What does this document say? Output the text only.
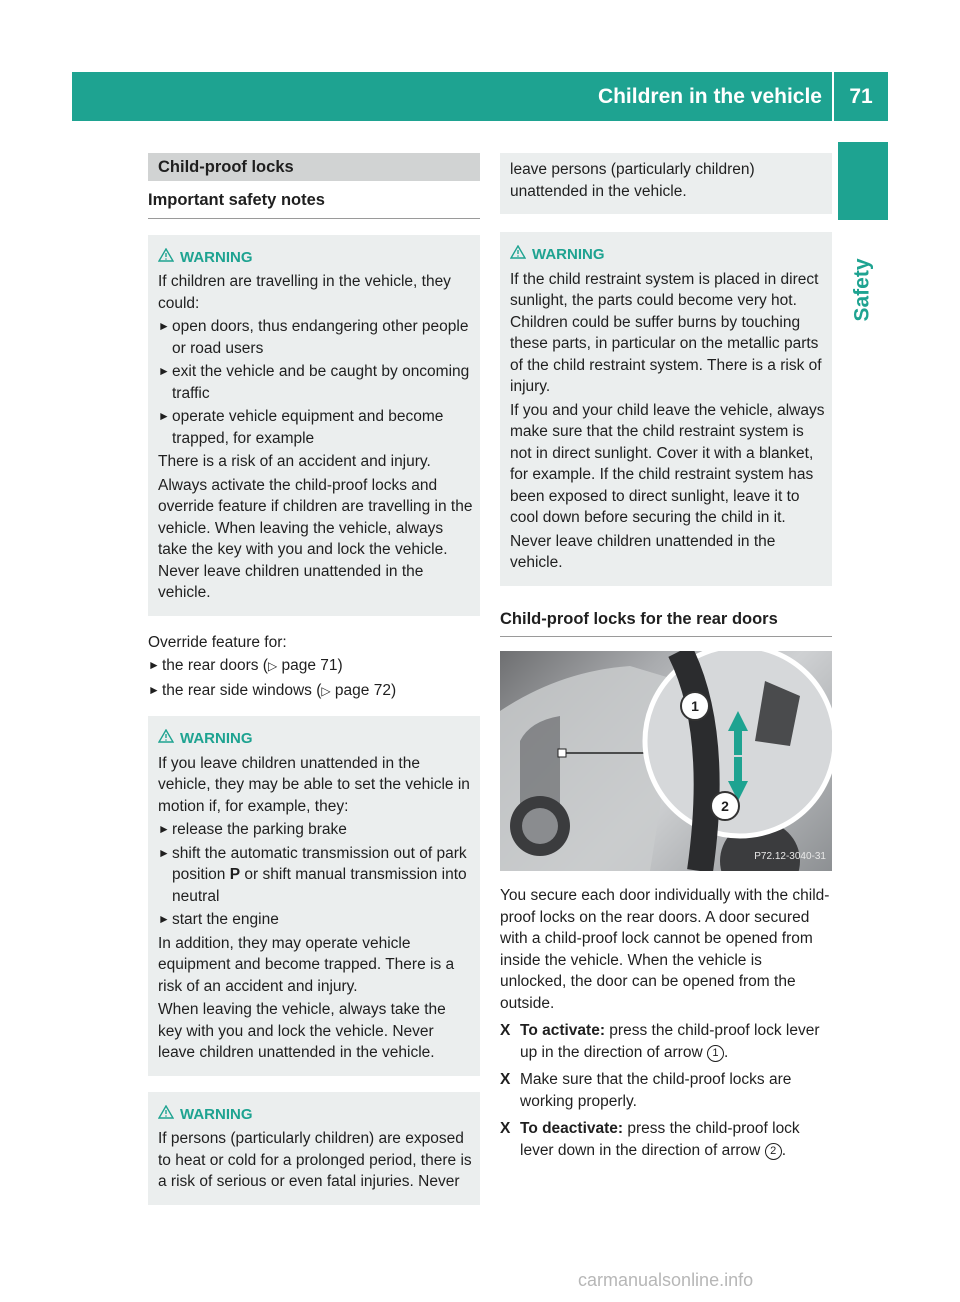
Children in the vehicle	71
Safety
Child-proof locks
Important safety notes
WARNING
If children are travelling in the vehicle, they could:
► open doors, thus endangering other people or road users
► exit the vehicle and be caught by oncoming traffic
► operate vehicle equipment and become trapped, for example
There is a risk of an accident and injury.
Always activate the child-proof locks and override feature if children are travelling in the vehicle. When leaving the vehicle, always take the key with you and lock the vehicle. Never leave children unattended in the vehicle.
Override feature for:
► the rear doors (▷ page 71)
► the rear side windows (▷ page 72)
WARNING
If you leave children unattended in the vehicle, they may be able to set the vehicle in motion if, for example, they:
► release the parking brake
► shift the automatic transmission out of park position P or shift manual transmission into neutral
► start the engine
In addition, they may operate vehicle equipment and become trapped. There is a risk of an accident and injury.
When leaving the vehicle, always take the key with you and lock the vehicle. Never leave children unattended in the vehicle.
WARNING
If persons (particularly children) are exposed to heat or cold for a prolonged period, there is a risk of serious or even fatal injuries. Never
leave persons (particularly children) unattended in the vehicle.
WARNING
If the child restraint system is placed in direct sunlight, the parts could become very hot. Children could be suffer burns by touching these parts, in particular on the metallic parts of the child restraint system. There is a risk of injury.
If you and your child leave the vehicle, always make sure that the child restraint system is not in direct sunlight. Cover it with a blanket, for example. If the child restraint system has been exposed to direct sunlight, leave it to cool down before securing the child in it.
Never leave children unattended in the vehicle.
Child-proof locks for the rear doors
1
2
P72.12-3040-31
You secure each door individually with the child-proof locks on the rear doors. A door secured with a child-proof lock cannot be opened from inside the vehicle. When the vehicle is unlocked, the door can be opened from the outside.
X To activate: press the child-proof lock lever up in the direction of arrow 1 .
X Make sure that the child-proof locks are working properly.
X To deactivate: press the child-proof lock lever down in the direction of arrow 2 .
carmanualsonline.info
